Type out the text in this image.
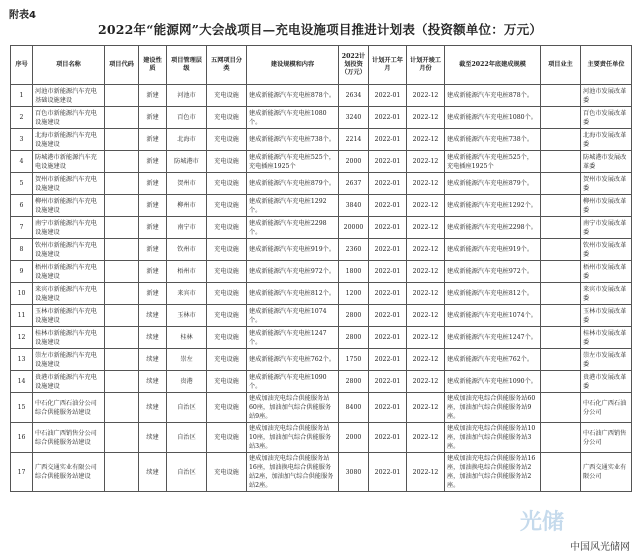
附表4
2022年“能源网”大会战项目—充电设施项目推进计划表（投资额单位：万元）
序号	项目名称	项目代码	建设性质	项目管理层级	五网项目分类	建设规模和内容	2022计划投资（万元）	计划开工年月	计划开竣工月份	截至2022年底建成规模	项目业主	主要责任单位
1	河池市新能源汽车充电基础设施建设		新建	河池市	充电设施	建成新能源汽车充电桩878个。	2634	2022-01	2022-12	建成新能源汽车充电桩878个。		河池市发展改革委
2	百色市新能源汽车充电设施建设		新建	百色市	充电设施	建成新能源汽车充电桩1080个。	3240	2022-01	2022-12	建成新能源汽车充电桩1080个。		百色市发展改革委
3	北海市新能源汽车充电设施建设		新建	北海市	充电设施	建成新能源汽车充电桩738个。	2214	2022-01	2022-12	建成新能源汽车充电桩738个。		北海市发展改革委
4	防城港市新能源汽车充电设施建设		新建	防城港市	充电设施	建成新能源汽车充电桩525个，充电插座1925个	2000	2022-01	2022-12	建成新能源汽车充电桩525个，充电插座1925个		防城港市发展改革委
5	贺州市新能源汽车充电设施建设		新建	贺州市	充电设施	建成新能源汽车充电桩879个。	2637	2022-01	2022-12	建成新能源汽车充电桩879个。		贺州市发展改革委
6	柳州市新能源汽车充电设施建设		新建	柳州市	充电设施	建成新能源汽车充电桩1292个。	3840	2022-01	2022-12	建成新能源汽车充电桩1292个。		柳州市发展改革委
7	南宁市新能源汽车充电设施建设		新建	南宁市	充电设施	建成新能源汽车充电桩2298个。	20000	2022-01	2022-12	建成新能源汽车充电桩2298个。		南宁市发展改革委
8	钦州市新能源汽车充电设施建设		新建	钦州市	充电设施	建成新能源汽车充电桩919个。	2360	2022-01	2022-12	建成新能源汽车充电桩919个。		钦州市发展改革委
9	梧州市新能源汽车充电设施建设		新建	梧州市	充电设施	建成新能源汽车充电桩972个。	1800	2022-01	2022-12	建成新能源汽车充电桩972个。		梧州市发展改革委
10	来宾市新能源汽车充电设施建设		新建	来宾市	充电设施	建成新能源汽车充电桩812个。	1200	2022-01	2022-12	建成新能源汽车充电桩812个。		来宾市发展改革委
11	玉林市新能源汽车充电设施建设		续建	玉林市	充电设施	建成新能源汽车充电桩1074个。	2800	2022-01	2022-12	建成新能源汽车充电桩1074个。		玉林市发展改革委
12	桂林市新能源汽车充电设施建设		续建	桂林	充电设施	建成新能源汽车充电桩1247个。	2800	2022-01	2022-12	建成新能源汽车充电桩1247个。		桂林市发展改革委
13	崇左市新能源汽车充电设施建设		续建	崇左	充电设施	建成新能源汽车充电桩762个。	1750	2022-01	2022-12	建成新能源汽车充电桩762个。		崇左市发展改革委
14	贵港市新能源汽车充电设施建设		续建	贵港	充电设施	建成新能源汽车充电桩1090个。	2800	2022-01	2022-12	建成新能源汽车充电桩1090个。		贵港市发展改革委
15	中石化广西石油分公司综合供能服务站建设		续建	自治区	充电设施	建成加油充电综合供能服务站60座，加油加气综合供能服务站9座。	8400	2022-01	2022-12	建成加油充电综合供能服务站60座，加油加气综合供能服务站9座。		中石化广西石油分公司
16	中石油广西销售分公司综合供能服务站建设		续建	自治区	充电设施	建成加油充电综合供能服务站10座，加油加气综合供能服务站3座。	2000	2022-01	2022-12	建成加油充电综合供能服务站10座，加油加气综合供能服务站3座。		中石油广西销售分公司
17	广西交通实业有限公司综合供能服务站建设		续建	自治区	充电设施	建成加油充电综合供能服务站16座，加油换电综合供能服务站2座，加油加气综合供能服务站2座。	3080	2022-01	2022-12	建成加油充电综合供能服务站16座，加油换电综合供能服务站2座，加油加气综合供能服务站2座。		广西交通实业有限公司
光储
中国风光储网
